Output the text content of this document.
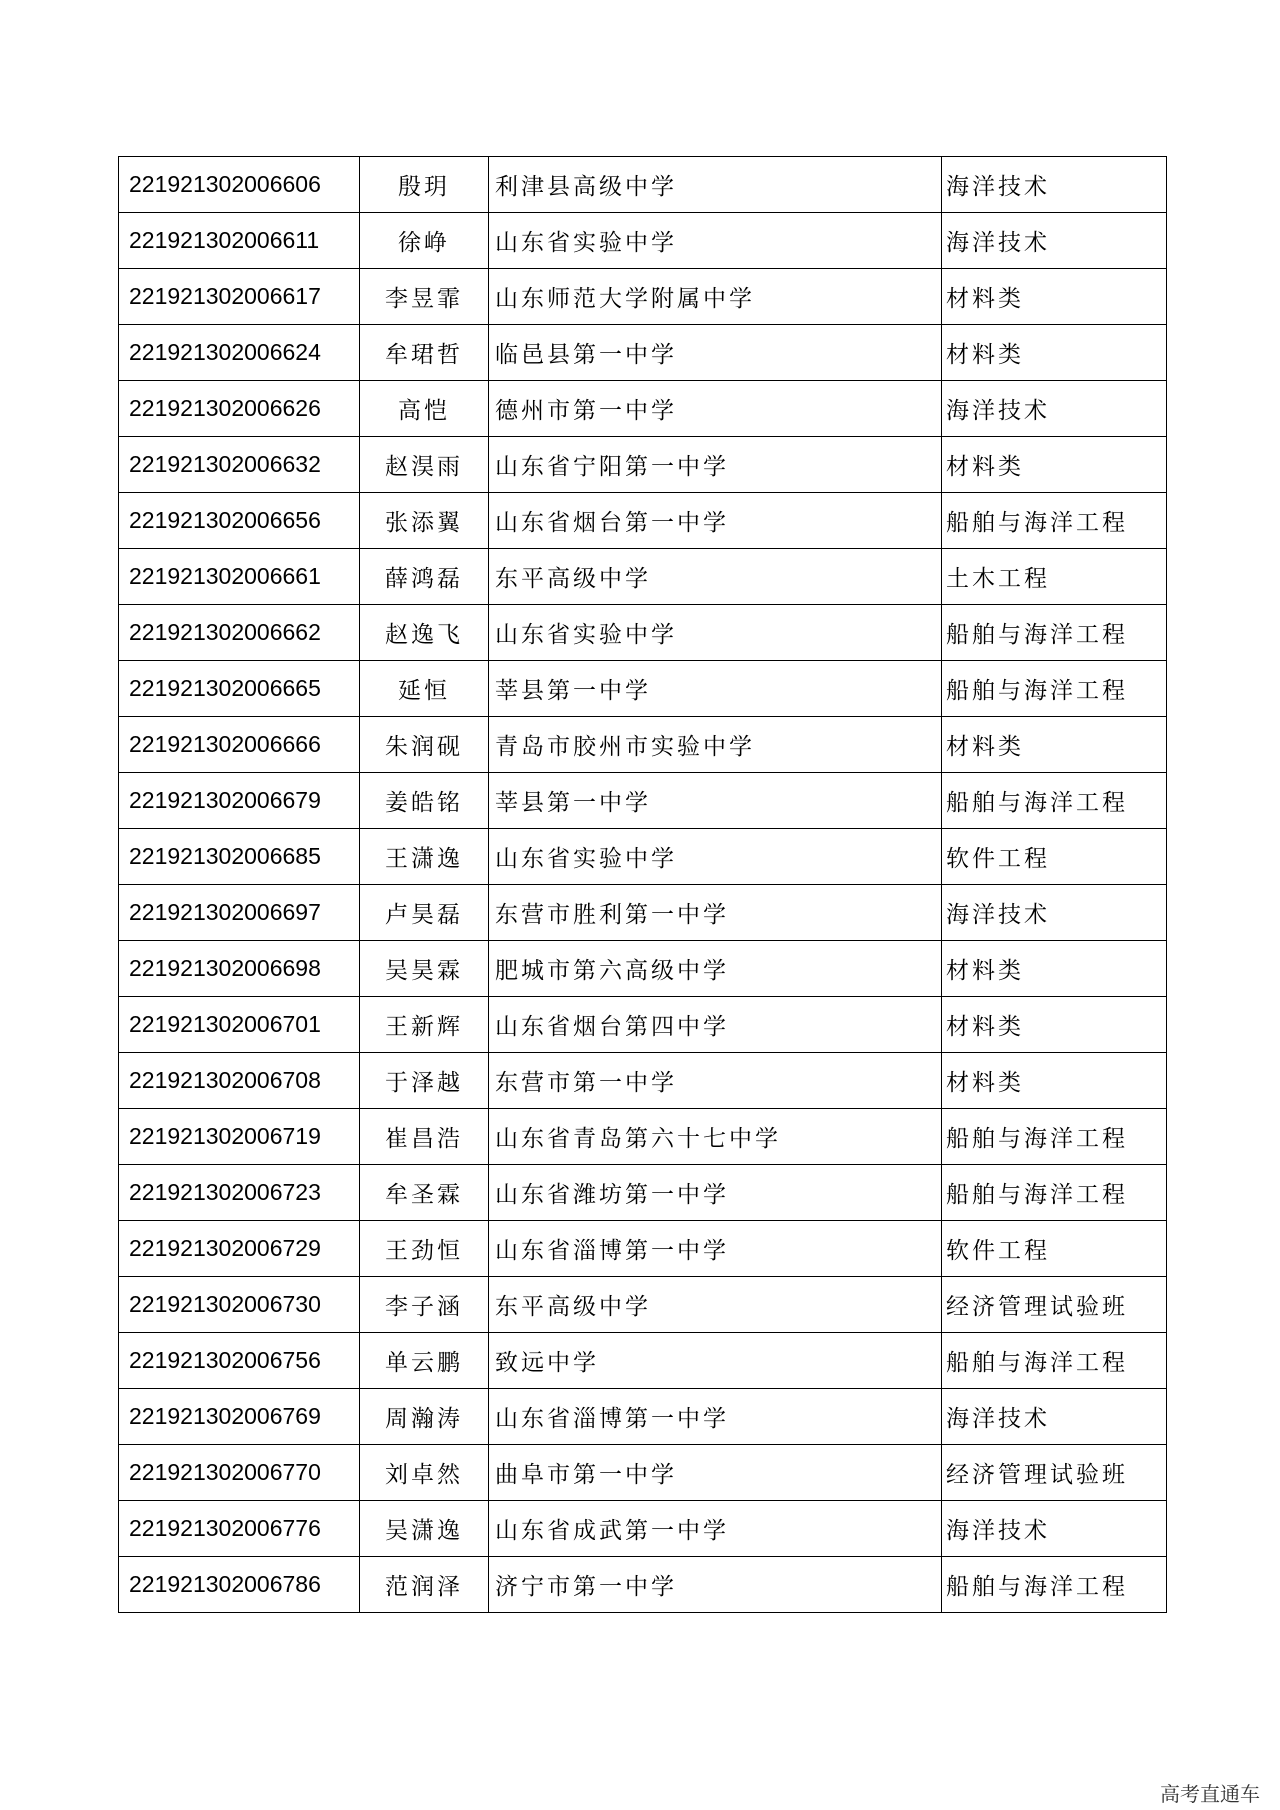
221921302006606	殷玥	利津县高级中学	海洋技术
221921302006611	徐峥	山东省实验中学	海洋技术
221921302006617	李昱霏	山东师范大学附属中学	材料类
221921302006624	牟珺哲	临邑县第一中学	材料类
221921302006626	高恺	德州市第一中学	海洋技术
221921302006632	赵淏雨	山东省宁阳第一中学	材料类
221921302006656	张添翼	山东省烟台第一中学	船舶与海洋工程
221921302006661	薛鸿磊	东平高级中学	土木工程
221921302006662	赵逸飞	山东省实验中学	船舶与海洋工程
221921302006665	延恒	莘县第一中学	船舶与海洋工程
221921302006666	朱润砚	青岛市胶州市实验中学	材料类
221921302006679	姜皓铭	莘县第一中学	船舶与海洋工程
221921302006685	王潇逸	山东省实验中学	软件工程
221921302006697	卢昊磊	东营市胜利第一中学	海洋技术
221921302006698	吴昊霖	肥城市第六高级中学	材料类
221921302006701	王新辉	山东省烟台第四中学	材料类
221921302006708	于泽越	东营市第一中学	材料类
221921302006719	崔昌浩	山东省青岛第六十七中学	船舶与海洋工程
221921302006723	牟圣霖	山东省潍坊第一中学	船舶与海洋工程
221921302006729	王劲恒	山东省淄博第一中学	软件工程
221921302006730	李子涵	东平高级中学	经济管理试验班
221921302006756	单云鹏	致远中学	船舶与海洋工程
221921302006769	周瀚涛	山东省淄博第一中学	海洋技术
221921302006770	刘卓然	曲阜市第一中学	经济管理试验班
221921302006776	吴潇逸	山东省成武第一中学	海洋技术
221921302006786	范润泽	济宁市第一中学	船舶与海洋工程
高考直通车
